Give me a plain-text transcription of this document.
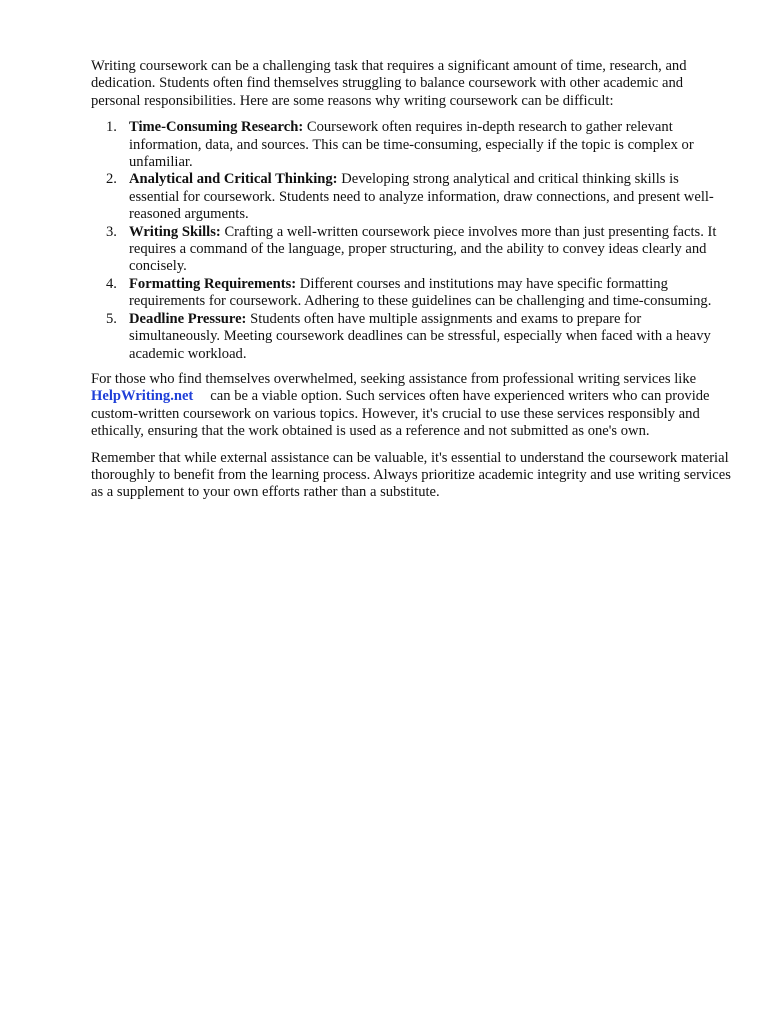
Writing coursework can be a challenging task that requires a significant amount of time, research, and dedication. Students often find themselves struggling to balance coursework with other academic and personal responsibilities. Here are some reasons why writing coursework can be difficult:

1. Time-Consuming Research: Coursework often requires in-depth research to gather relevant information, data, and sources. This can be time-consuming, especially if the topic is complex or unfamiliar.
2. Analytical and Critical Thinking: Developing strong analytical and critical thinking skills is essential for coursework. Students need to analyze information, draw connections, and present well-reasoned arguments.
3. Writing Skills: Crafting a well-written coursework piece involves more than just presenting facts. It requires a command of the language, proper structuring, and the ability to convey ideas clearly and concisely.
4. Formatting Requirements: Different courses and institutions may have specific formatting requirements for coursework. Adhering to these guidelines can be challenging and time-consuming.
5. Deadline Pressure: Students often have multiple assignments and exams to prepare for simultaneously. Meeting coursework deadlines can be stressful, especially when faced with a heavy academic workload.

For those who find themselves overwhelmed, seeking assistance from professional writing services likeHelpWriting.net can be a viable option. Such services often have experienced writers who can provide custom-written coursework on various topics. However, it's crucial to use these services responsibly and ethically, ensuring that the work obtained is used as a reference and not submitted as one's own.

Remember that while external assistance can be valuable, it's essential to understand the coursework material thoroughly to benefit from the learning process. Always prioritize academic integrity and use writing services as a supplement to your own efforts rather than a substitute.
